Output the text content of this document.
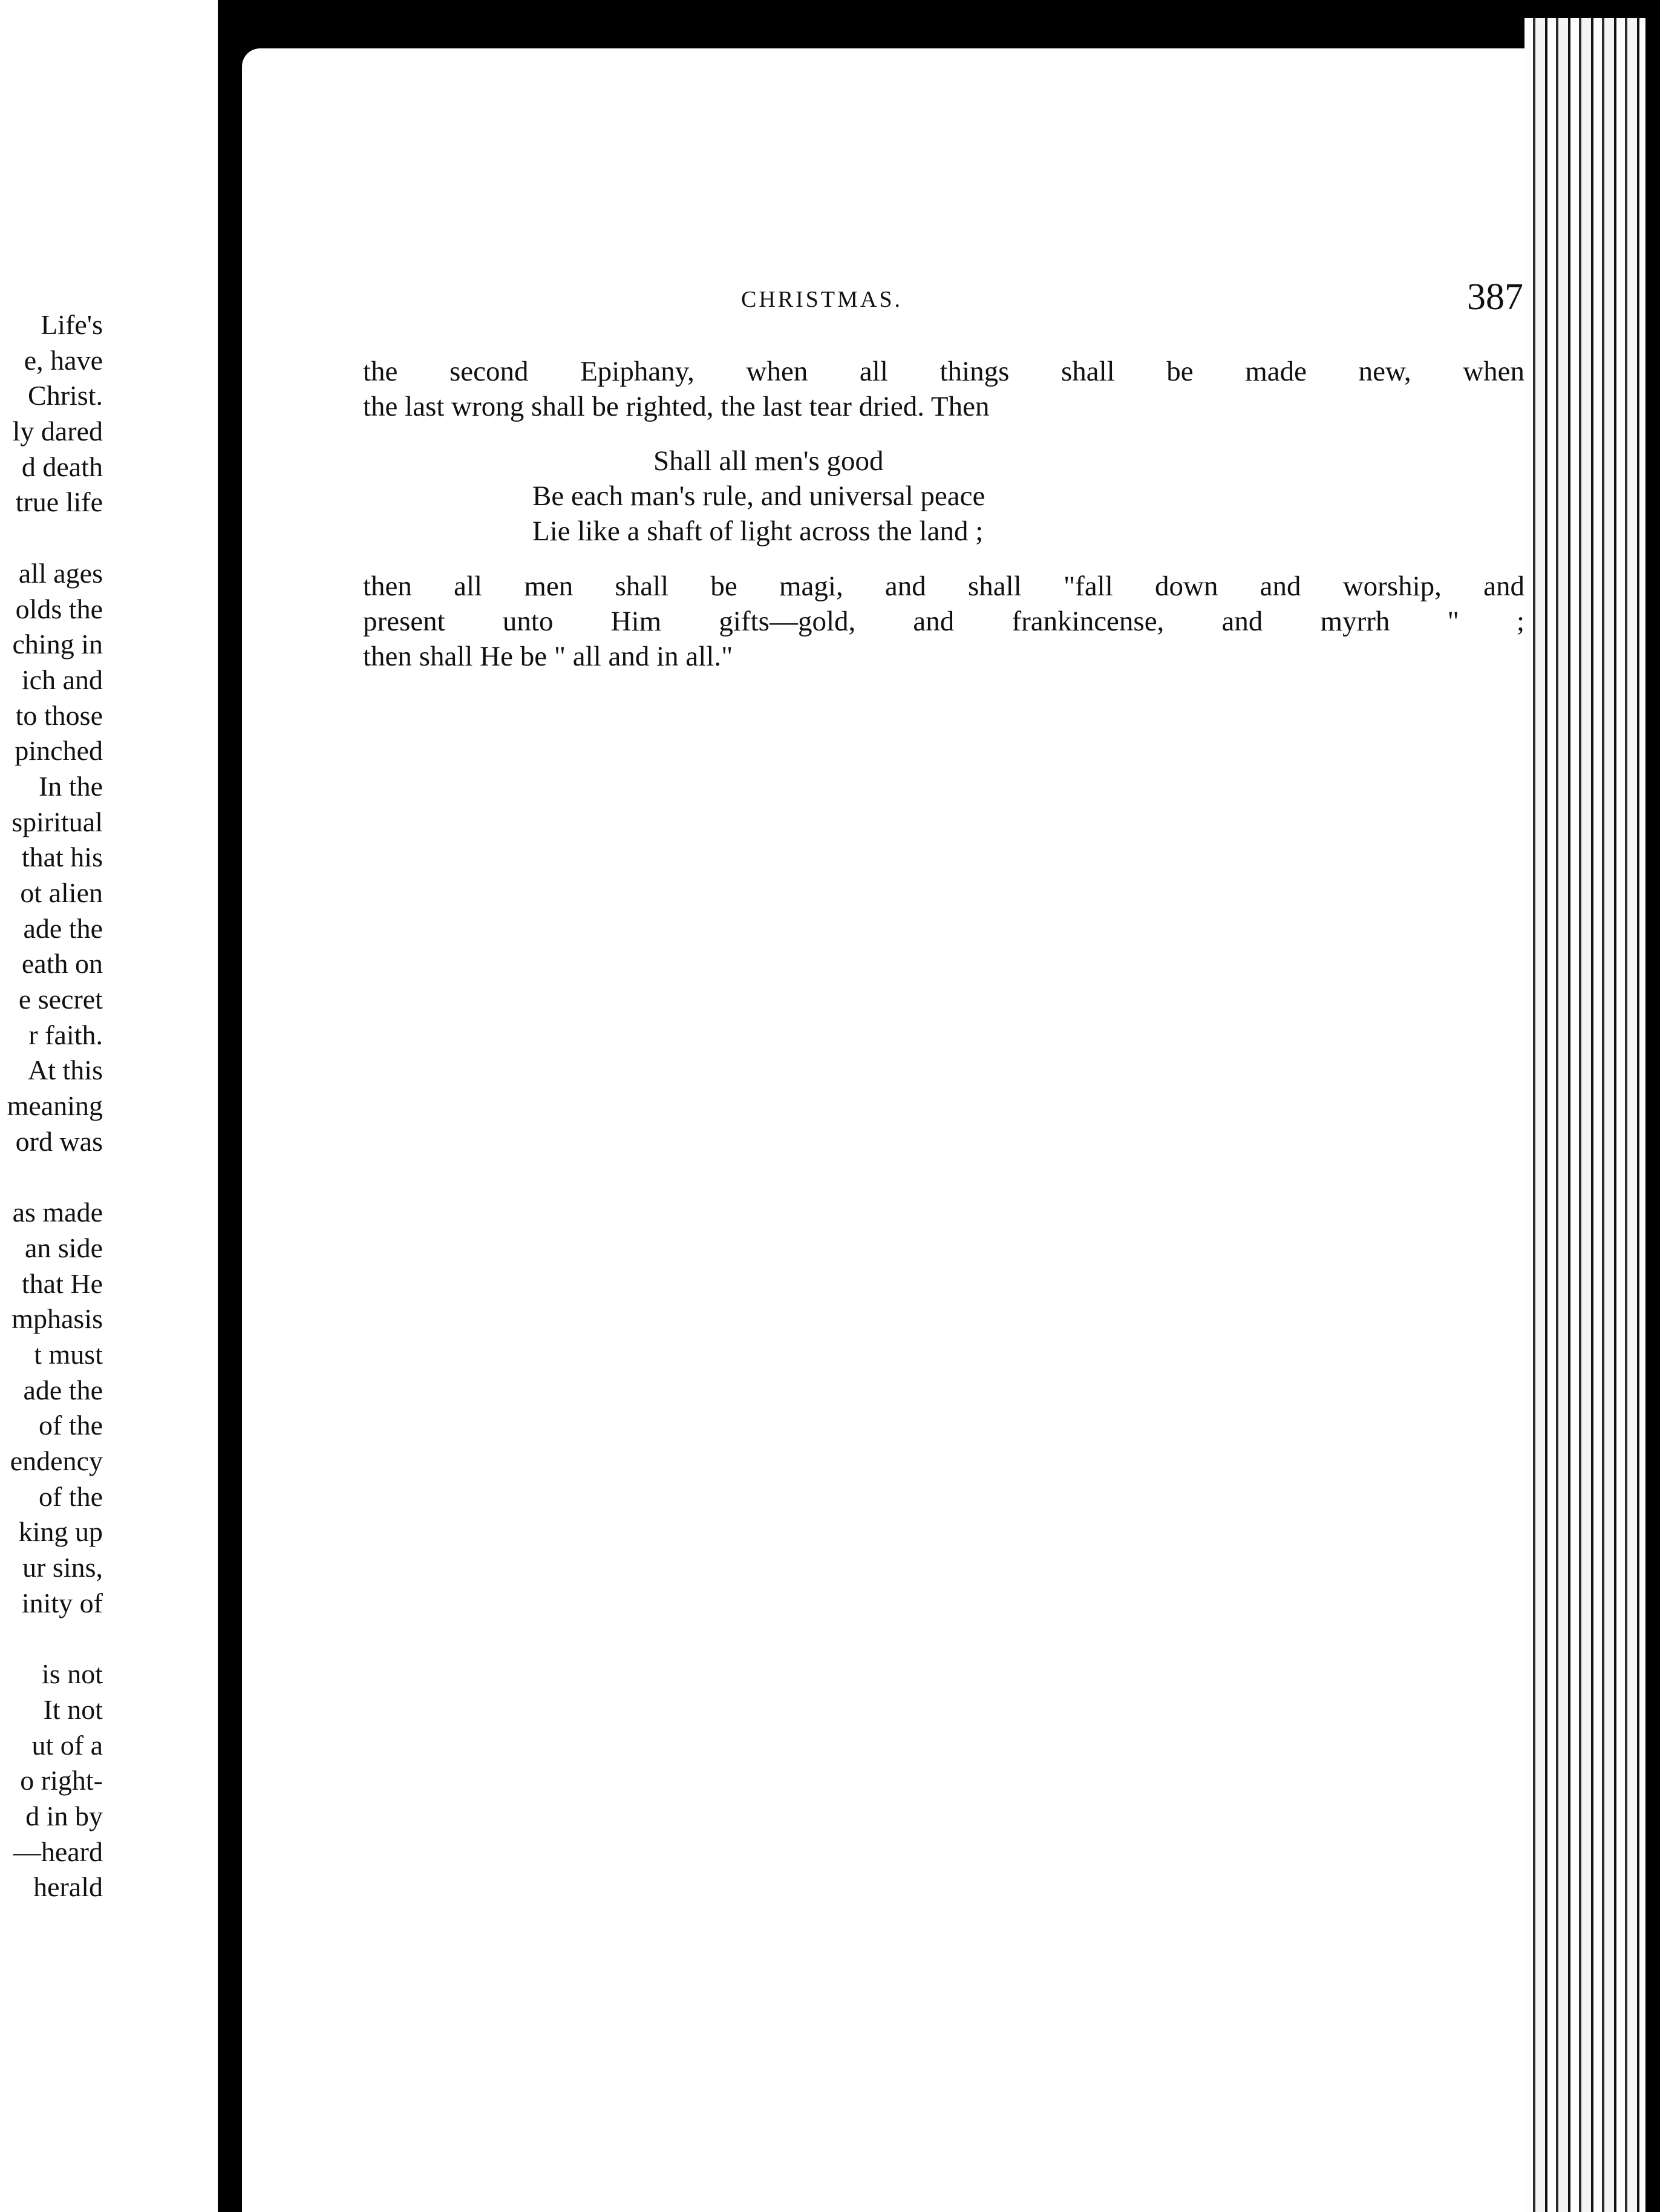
Life's
e, have
Christ.
ly dared
d death
true life
all ages
olds the
ching in
ich and
to those
pinched
In the
spiritual
that his
ot alien
ade the
eath on
e secret
r faith.
At this
meaning
ord was
as made
an side
that He
mphasis
t must
ade the
of the
endency
of the
king up
ur sins,
inity of
is not
It not
ut of a
o right-
d in by
—heard
herald
CHRISTMAS.	387

the second Epiphany, when all things shall be made new, when
the last wrong shall be righted, the last tear dried. Then

Shall all men's good
Be each man's rule, and universal peace
Lie like a shaft of light across the land ;

then all men shall be magi, and shall "fall down and worship, and
present unto Him gifts—gold, and frankincense, and myrrh " ;
then shall He be " all and in all."
